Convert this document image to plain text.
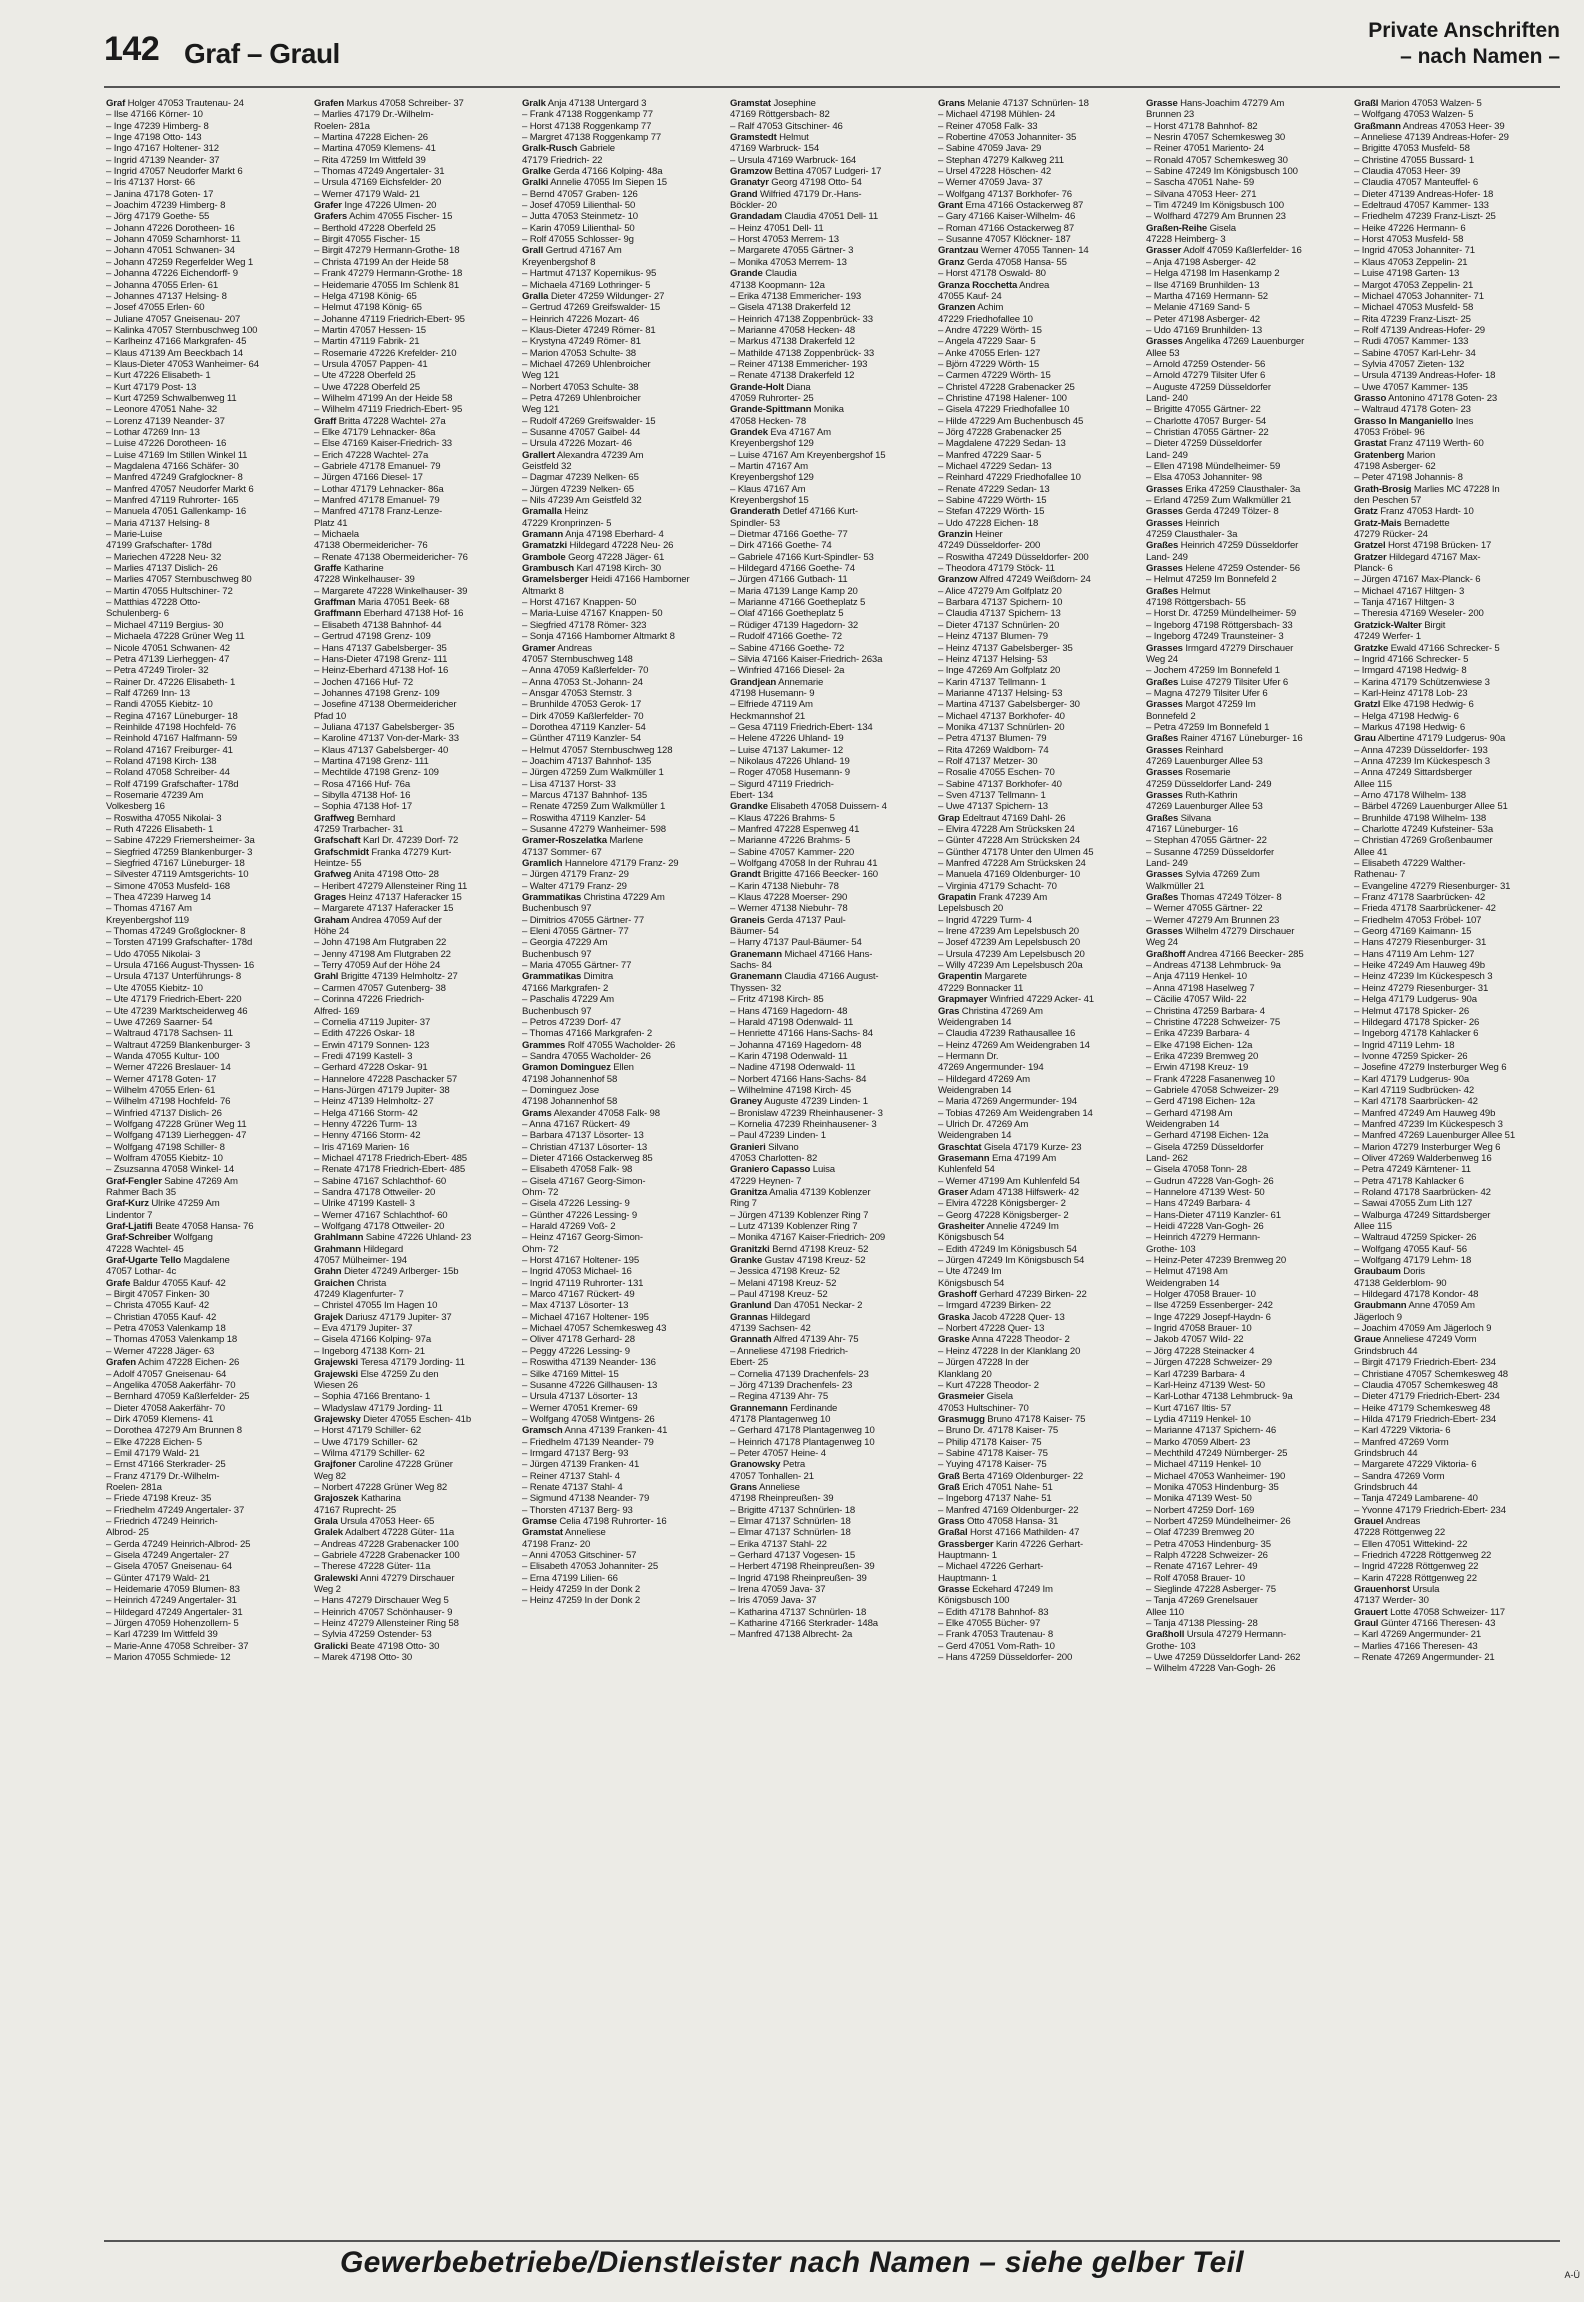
142 Graf – Graul
Private Anschriften
– nach Namen –
Graf Holger 47053 Trautenau- 24
– Ilse 47166 Körner- 10
– Inge 47239 Himberg- 8
– Inge 47198 Otto- 143
– Ingo 47167 Holtener- 312
– Ingrid 47139 Neander- 37
– Ingrid 47057 Neudorfer Markt 6
– Iris 47137 Horst- 66
– Janina 47178 Goten- 17
– Joachim 47239 Himberg- 8
– Jörg 47179 Goethe- 55
– Johann 47226 Dorotheen- 16
– Johann 47059 Scharnhorst- 11
– Johann 47051 Schwanen- 34
– Johann 47259 Regerfelder Weg 1
– Johanna 47226 Eichendorff- 9
– Johanna 47055 Erlen- 61
– Johannes 47137 Helsing- 8
– Josef 47055 Erlen- 60
– Juliane 47057 Gneisenau- 207
– Kalinka 47057 Sternbuschweg 100
– Karlheinz 47166 Markgrafen- 45
– Klaus 47139 Am Beeckbach 14
– Klaus-Dieter 47053 Wanheimer- 64
– Kurt 47226 Elisabeth- 1
– Kurt 47179 Post- 13
– Kurt 47259 Schwalbenweg 11
– Leonore 47051 Nahe- 32
– Lorenz 47139 Neander- 37
– Lothar 47269 Inn- 13
– Luise 47226 Dorotheen- 16
– Luise 47169 Im Stillen Winkel 11
– Magdalena 47166 Schäfer- 30
– Manfred 47249 Grafglockner- 8
– Manfred 47057 Neudorfer Markt 6
– Manfred 47119 Ruhrorter- 165
– Manuela 47051 Gallenkamp- 16
– Maria 47137 Helsing- 8
– Marie-Luise
47199 Grafschafter- 178d
– Mariechen 47228 Neu- 32
– Marlies 47137 Dislich- 26
– Marlies 47057 Sternbuschweg 80
– Martin 47055 Hultschiner- 72
– Matthias 47228 Otto-
Schulenberg- 6
– Michael 47119 Bergius- 30
– Michaela 47228 Grüner Weg 11
– Nicole 47051 Schwanen- 42
– Petra 47139 Lierheggen- 47
– Petra 47249 Tiroler- 32
– Rainer Dr. 47226 Elisabeth- 1
– Ralf 47269 Inn- 13
– Randi 47055 Kiebitz- 10
– Regina 47167 Lüneburger- 18
– Reinhilde 47198 Hochfeld- 76
– Reinhold 47167 Halfmann- 59
– Roland 47167 Freiburger- 41
– Roland 47198 Kirch- 138
– Roland 47058 Schreiber- 44
– Rolf 47199 Grafschafter- 178d
– Rosemarie 47239 Am
Volkesberg 16
– Roswitha 47055 Nikolai- 3
– Ruth 47226 Elisabeth- 1
– Sabine 47229 Friemersheimer- 3a
– Siegfried 47259 Blankenburger- 3
– Siegfried 47167 Lüneburger- 18
– Silvester 47119 Amtsgerichts- 10
– Simone 47053 Musfeld- 168
– Thea 47239 Harweg 14
– Thomas 47167 Am
Kreyenbergshof 119
– Thomas 47249 Großglockner- 8
– Torsten 47199 Grafschafter- 178d
– Udo 47055 Nikolai- 3
– Ursula 47166 August-Thyssen- 16
– Ursula 47137 Unterführungs- 8
– Ute 47055 Kiebitz- 10
– Ute 47179 Friedrich-Ebert- 220
– Ute 47239 Marktscheiderweg 46
– Uwe 47269 Saarner- 54
– Waltraud 47178 Sachsen- 11
– Waltraut 47259 Blankenburger- 3
– Wanda 47055 Kultur- 100
– Werner 47226 Breslauer- 14
– Werner 47178 Goten- 17
– Wilhelm 47055 Erlen- 61
– Wilhelm 47198 Hochfeld- 76
– Winfried 47137 Dislich- 26
– Wolfgang 47228 Grüner Weg 11
– Wolfgang 47139 Lierheggen- 47
– Wolfgang 47198 Schiller- 8
– Wolfram 47055 Kiebitz- 10
– Zsuzsanna 47058 Winkel- 14
Graf-Fengler Sabine 47269 Am
Rahmer Bach 35
Graf-Kurz Ulrike 47259 Am
Lindentor 7
Graf-Ljatifi Beate 47058 Hansa- 76
Graf-Schreiber Wolfgang
47228 Wachtel- 45
Graf-Ugarte Tello Magdalene
47057 Lothar- 4c
Grafe Baldur 47055 Kauf- 42
– Birgit 47057 Finken- 30
– Christa 47055 Kauf- 42
– Christian 47055 Kauf- 42
– Petra 47053 Valenkamp 18
– Thomas 47053 Valenkamp 18
– Werner 47228 Jäger- 63
Grafen Achim 47228 Eichen- 26
– Adolf 47057 Gneisenau- 64
– Angelika 47058 Aakerfähr- 70
– Bernhard 47059 Kaßlerfelder- 25
– Dieter 47058 Aakerfähr- 70
– Dirk 47059 Klemens- 41
– Dorothea 47279 Am Brunnen 8
– Elke 47228 Eichen- 5
– Emil 47179 Wald- 21
– Ernst 47166 Sterkrader- 25
– Franz 47179 Dr.-Wilhelm-
Roelen- 281a
– Friede 47198 Kreuz- 35
– Friedhelm 47249 Angertaler- 37
– Friedrich 47249 Heinrich-
Albrod- 25
– Gerda 47249 Heinrich-Albrod- 25
– Gisela 47249 Angertaler- 27
– Gisela 47057 Gneisenau- 64
– Günter 47179 Wald- 21
– Heidemarie 47059 Blumen- 83
– Heinrich 47249 Angertaler- 31
– Hildegard 47249 Angertaler- 31
– Jürgen 47059 Hohenzollern- 5
– Karl 47239 Im Wittfeld 39
– Marie-Anne 47058 Schreiber- 37
– Marion 47055 Schmiede- 12
Grafen Markus 47058 Schreiber- 37
– Marlies 47179 Dr.-Wilhelm-
Roelen- 281a
– Martina 47228 Eichen- 26
– Martina 47059 Klemens- 41
– Rita 47259 Im Wittfeld 39
– Thomas 47249 Angertaler- 31
– Ursula 47169 Eichsfelder- 20
– Werner 47179 Wald- 21
Grafer Inge 47226 Ulmen- 20
Grafers Achim 47055 Fischer- 15
– Berthold 47228 Oberfeld 25
– Birgit 47055 Fischer- 15
– Birgit 47279 Hermann-Grothe- 18
– Christa 47199 An der Heide 58
– Frank 47279 Hermann-Grothe- 18
– Heidemarie 47055 Im Schlenk 81
– Helga 47198 König- 65
– Helmut 47198 König- 65
– Johanne 47119 Friedrich-Ebert- 95
– Martin 47057 Hessen- 15
– Martin 47119 Fabrik- 21
– Rosemarie 47226 Krefelder- 210
– Ursula 47057 Pappen- 41
– Ute 47228 Oberfeld 25
– Uwe 47228 Oberfeld 25
– Wilhelm 47199 An der Heide 58
– Wilhelm 47119 Friedrich-Ebert- 95
Graff Britta 47228 Wachtel- 27a
– Elke 47179 Lehnacker- 86a
– Else 47169 Kaiser-Friedrich- 33
– Erich 47228 Wachtel- 27a
– Gabriele 47178 Emanuel- 79
– Jürgen 47166 Diesel- 17
– Lothar 47179 Lehnacker- 86a
– Manfred 47178 Emanuel- 79
– Manfred 47178 Franz-Lenze-
Platz 41
– Michaela
47138 Obermeidericher- 76
– Renate 47138 Obermeidericher- 76
Graffe Katharine
47228 Winkelhauser- 39
– Margarete 47228 Winkelhauser- 39
Graffman Maria 47051 Beek- 68
Graffmann Eberhard 47138 Hof- 16
– Elisabeth 47138 Bahnhof- 44
– Gertrud 47198 Grenz- 109
– Hans 47137 Gabelsberger- 35
– Hans-Dieter 47198 Grenz- 111
– Heinz-Eberhard 47138 Hof- 16
– Jochen 47166 Huf- 72
– Johannes 47198 Grenz- 109
– Josefine 47138 Obermeidericher
Pfad 10
– Juliana 47137 Gabelsberger- 35
– Karoline 47137 Von-der-Mark- 33
– Klaus 47137 Gabelsberger- 40
– Martina 47198 Grenz- 111
– Mechtilde 47198 Grenz- 109
– Rosa 47166 Huf- 76a
– Sibylla 47138 Hof- 16
– Sophia 47138 Hof- 17
Graffweg Bernhard
47259 Trarbacher- 31
Grafschaft Karl Dr. 47239 Dorf- 72
Grafschmidt Franka 47279 Kurt-
Heintze- 55
Grafweg Anita 47198 Otto- 28
– Heribert 47279 Allensteiner Ring 11
Grages Heinz 47137 Haferacker 15
– Margarete 47137 Haferacker 15
Graham Andrea 47059 Auf der
Höhe 24
– John 47198 Am Flutgraben 22
– Jenny 47198 Am Flutgraben 22
– Terry 47059 Auf der Höhe 24
Grahl Brigitte 47139 Helmholtz- 27
– Carmen 47057 Gutenberg- 38
– Corinna 47226 Friedrich-
Alfred- 169
– Cornelia 47119 Jupiter- 37
– Edith 47226 Oskar- 18
– Erwin 47179 Sonnen- 123
– Fredi 47199 Kastell- 3
– Gerhard 47228 Oskar- 91
– Hannelore 47228 Paschacker 57
– Hans-Jürgen 47179 Jupiter- 38
– Heinz 47139 Helmholtz- 27
– Helga 47166 Storm- 42
– Henny 47226 Turm- 13
– Henny 47166 Storm- 42
– Iris 47169 Marien- 16
– Michael 47178 Friedrich-Ebert- 485
– Renate 47178 Friedrich-Ebert- 485
– Sabine 47167 Schlachthof- 60
– Sandra 47178 Ottweiler- 20
– Ulrike 47199 Kastell- 3
– Werner 47167 Schlachthof- 60
– Wolfgang 47178 Ottweiler- 20
Grahlmann Sabine 47226 Uhland- 23
Grahmann Hildegard
47057 Mülheimer- 194
Grahn Dieter 47249 Arlberger- 15b
Graichen Christa
47249 Klagenfurter- 7
– Christel 47055 Im Hagen 10
Grajek Dariusz 47179 Jupiter- 37
– Eva 47179 Jupiter- 37
– Gisela 47166 Kolping- 97a
– Ingeborg 47138 Korn- 21
Grajewski Teresa 47179 Jording- 11
Grajewski Else 47259 Zu den
Wiesen 26
– Sophia 47166 Brentano- 1
– Wladyslaw 47179 Jording- 11
Grajewsky Dieter 47055 Eschen- 41b
– Horst 47179 Schiller- 62
– Uwe 47179 Schiller- 62
– Wilma 47179 Schiller- 62
Grajfoner Caroline 47228 Grüner
Weg 82
– Norbert 47228 Grüner Weg 82
Grajoszek Katharina
47167 Ruprecht- 25
Grala Ursula 47053 Heer- 65
Gralek Adalbert 47228 Güter- 11a
– Andreas 47228 Grabenacker 100
– Gabriele 47228 Grabenacker 100
– Therese 47228 Güter- 11a
Gralewski Anni 47279 Dirschauer
Weg 2
– Hans 47279 Dirschauer Weg 5
– Heinrich 47057 Schönhauser- 9
– Heinz 47279 Allensteiner Ring 58
– Sylvia 47259 Ostender- 53
Gralicki Beate 47198 Otto- 30
– Marek 47198 Otto- 30
Gralk Anja 47138 Untergard 3
– Frank 47138 Roggenkamp 77
– Horst 47138 Roggenkamp 77
– Margret 47138 Roggenkamp 77
Gralk-Rusch Gabriele
47179 Friedrich- 22
Gralke Gerda 47166 Kolping- 48a
Gralki Annelie 47055 Im Siepen 15
– Bernd 47057 Graben- 126
– Josef 47059 Lilienthal- 50
– Jutta 47053 Steinmetz- 10
– Karin 47059 Lilienthal- 50
– Rolf 47055 Schlosser- 9g
Grall Gertrud 47167 Am
Kreyenbergshof 8
– Hartmut 47137 Kopernikus- 95
– Michaela 47169 Lothringer- 5
Gralla Dieter 47259 Wildunger- 27
– Gertrud 47269 Greifswalder- 15
– Heinrich 47226 Mozart- 46
– Klaus-Dieter 47249 Römer- 81
– Krystyna 47249 Römer- 81
– Marion 47053 Schulte- 38
– Michael 47269 Uhlenbroicher
Weg 121
– Norbert 47053 Schulte- 38
– Petra 47269 Uhlenbroicher
Weg 121
– Rudolf 47269 Greifswalder- 15
– Susanne 47057 Gaibel- 44
– Ursula 47226 Mozart- 46
Grallert Alexandra 47239 Am
Geistfeld 32
– Dagmar 47239 Nelken- 65
– Jürgen 47239 Nelken- 65
– Nils 47239 Am Geistfeld 32
Gramalla Heinz
47229 Kronprinzen- 5
Gramann Anja 47198 Eberhard- 4
Gramatzki Hildegard 47228 Neu- 26
Grambole Georg 47228 Jäger- 61
Grambusch Karl 47198 Kirch- 30
Gramelsberger Heidi 47166 Hamborner
Altmarkt 8
– Horst 47167 Knappen- 50
– Maria-Luise 47167 Knappen- 50
– Siegfried 47178 Römer- 323
– Sonja 47166 Hamborner Altmarkt 8
Gramer Andreas
47057 Sternbuschweg 148
– Anna 47059 Kaßlerfelder- 70
– Anna 47053 St.-Johann- 24
– Ansgar 47053 Sternstr. 3
– Brunhilde 47053 Gerok- 17
– Dirk 47059 Kaßlerfelder- 70
– Dorothea 47119 Kanzler- 54
– Günther 47119 Kanzler- 54
– Helmut 47057 Sternbuschweg 128
– Joachim 47137 Bahnhof- 135
– Jürgen 47259 Zum Walkmüller 1
– Lisa 47137 Horst- 33
– Marcus 47137 Bahnhof- 135
– Renate 47259 Zum Walkmüller 1
– Roswitha 47119 Kanzler- 54
– Susanne 47279 Wanheimer- 598
Gramer-Roszelatka Marlene
47137 Sommer- 67
Gramlich Hannelore 47179 Franz- 29
– Jürgen 47179 Franz- 29
– Walter 47179 Franz- 29
Grammatikas Christina 47229 Am
Buchenbusch 97
– Dimitrios 47055 Gärtner- 77
– Eleni 47055 Gärtner- 77
– Georgia 47229 Am
Buchenbusch 97
– Maria 47055 Gärtner- 77
Grammatikas Dimitra
47166 Markgrafen- 2
– Paschalis 47229 Am
Buchenbusch 97
– Petros 47239 Dorf- 47
– Thomas 47166 Markgrafen- 2
Grammes Rolf 47055 Wacholder- 26
– Sandra 47055 Wacholder- 26
Gramon Dominguez Ellen
47198 Johannenhof 58
– Dominguez Jose
47198 Johannenhof 58
Grams Alexander 47058 Falk- 98
– Anna 47167 Rückert- 49
– Barbara 47137 Lösorter- 13
– Christian 47137 Lösorter- 13
– Dieter 47166 Ostackerweg 85
– Elisabeth 47058 Falk- 98
– Gisela 47167 Georg-Simon-
Ohm- 72
– Gisela 47226 Lessing- 9
– Günther 47226 Lessing- 9
– Harald 47269 Voß- 2
– Heinz 47167 Georg-Simon-
Ohm- 72
– Horst 47167 Holtener- 195
– Ingrid 47053 Michael- 16
– Ingrid 47119 Ruhrorter- 131
– Marco 47167 Rückert- 49
– Max 47137 Lösorter- 13
– Michael 47167 Holtener- 195
– Michael 47057 Schemkesweg 43
– Oliver 47178 Gerhard- 28
– Peggy 47226 Lessing- 9
– Roswitha 47139 Neander- 136
– Silke 47169 Mittel- 15
– Susanne 47226 Gillhausen- 13
– Ursula 47137 Lösorter- 13
– Werner 47051 Kremer- 69
– Wolfgang 47058 Wintgens- 26
Gramsch Anna 47139 Franken- 41
– Friedhelm 47139 Neander- 79
– Irmgard 47137 Berg- 93
– Jürgen 47139 Franken- 41
– Reiner 47137 Stahl- 4
– Renate 47137 Stahl- 4
– Sigmund 47138 Neander- 79
– Thorsten 47137 Berg- 93
Gramse Celia 47198 Ruhrorter- 16
Gramstat Anneliese
47198 Franz- 20
– Anni 47053 Gitschiner- 57
– Elisabeth 47053 Johanniter- 25
– Erna 47199 Lilien- 66
– Heidy 47259 In der Donk 2
– Heinz 47259 In der Donk 2
Gramstat Josephine
47169 Röttgersbach- 82
– Ralf 47053 Gitschiner- 46
Gramstedt Helmut
47169 Warbruck- 154
– Ursula 47169 Warbruck- 164
Gramzow Bettina 47057 Ludgeri- 17
Granatyr Georg 47198 Otto- 54
Grand Wilfried 47179 Dr.-Hans-
Böckler- 20
Grandadam Claudia 47051 Dell- 11
– Heinz 47051 Dell- 11
– Horst 47053 Merrem- 13
– Margarete 47055 Gärtner- 3
– Monika 47053 Merrem- 13
Grande Claudia
47138 Koopmann- 12a
– Erika 47138 Emmericher- 193
– Gisela 47138 Drakerfeld 12
– Heinrich 47138 Zoppenbrück- 33
– Marianne 47058 Hecken- 48
– Markus 47138 Drakerfeld 12
– Mathilde 47138 Zoppenbrück- 33
– Reiner 47138 Emmericher- 193
– Renate 47138 Drakerfeld 12
Grande-Holt Diana
47059 Ruhrorter- 25
Grande-Spittmann Monika
47058 Hecken- 78
Grandek Eva 47167 Am
Kreyenbergshof 129
– Luise 47167 Am Kreyenbergshof 15
– Martin 47167 Am
Kreyenbergshof 129
– Klaus 47167 Am
Kreyenbergshof 15
Granderath Detlef 47166 Kurt-
Spindler- 53
– Dietmar 47166 Goethe- 77
– Dirk 47166 Goethe- 74
– Gabriele 47166 Kurt-Spindler- 53
– Hildegard 47166 Goethe- 74
– Jürgen 47166 Gutbach- 11
– Maria 47139 Lange Kamp 20
– Marianne 47166 Goetheplatz 5
– Olaf 47166 Goetheplatz 5
– Rüdiger 47139 Hagedorn- 32
– Rudolf 47166 Goethe- 72
– Sabine 47166 Goethe- 72
– Silvia 47166 Kaiser-Friedrich- 263a
– Winfried 47166 Diesel- 2a
Grandjean Annemarie
47198 Husemann- 9
– Elfriede 47119 Am
Heckmannshof 21
– Gesa 47119 Friedrich-Ebert- 134
– Helene 47226 Uhland- 19
– Luise 47137 Lakumer- 12
– Nikolaus 47226 Uhland- 19
– Roger 47058 Husemann- 9
– Sigurd 47119 Friedrich-
Ebert- 134
Grandke Elisabeth 47058 Duissern- 4
– Klaus 47226 Brahms- 5
– Manfred 47228 Espenweg 41
– Marianne 47226 Brahms- 5
– Sabine 47057 Kammer- 220
– Wolfgang 47058 In der Ruhrau 41
Grandt Brigitte 47166 Beecker- 160
– Karin 47138 Niebuhr- 78
– Klaus 47228 Moerser- 290
– Werner 47138 Niebuhr- 78
Graneis Gerda 47137 Paul-
Bäumer- 54
– Harry 47137 Paul-Bäumer- 54
Granemann Michael 47166 Hans-
Sachs- 84
Granemann Claudia 47166 August-
Thyssen- 32
– Fritz 47198 Kirch- 85
– Hans 47169 Hagedorn- 48
– Harald 47198 Odenwald- 11
– Henriette 47166 Hans-Sachs- 84
– Johanna 47169 Hagedorn- 48
– Karin 47198 Odenwald- 11
– Nadine 47198 Odenwald- 11
– Norbert 47166 Hans-Sachs- 84
– Wilhelmine 47198 Kirch- 45
Graney Auguste 47239 Linden- 1
– Bronislaw 47239 Rheinhausener- 3
– Kornelia 47239 Rheinhausener- 3
– Paul 47239 Linden- 1
Granieri Silvano
47053 Charlotten- 82
Graniero Capasso Luisa
47229 Heynen- 7
Granitza Amalia 47139 Koblenzer
Ring 7
– Jürgen 47139 Koblenzer Ring 7
– Lutz 47139 Koblenzer Ring 7
– Monika 47167 Kaiser-Friedrich- 209
Granitzki Bernd 47198 Kreuz- 52
Granke Gustav 47198 Kreuz- 52
– Jessica 47198 Kreuz- 52
– Melani 47198 Kreuz- 52
– Paul 47198 Kreuz- 52
Granlund Dan 47051 Neckar- 2
Grannas Hildegard
47139 Sachsen- 42
Grannath Alfred 47139 Ahr- 75
– Anneliese 47198 Friedrich-
Ebert- 25
– Cornelia 47139 Drachenfels- 23
– Jörg 47139 Drachenfels- 23
– Regina 47139 Ahr- 75
Grannemann Ferdinande
47178 Plantagenweg 10
– Gerhard 47178 Plantagenweg 10
– Heinrich 47178 Plantagenweg 10
– Peter 47057 Heine- 4
Granowsky Petra
47057 Tonhallen- 21
Grans Anneliese
47198 Rheinpreußen- 39
– Brigitte 47137 Schnürlen- 18
– Elmar 47137 Schnürlen- 18
– Elmar 47137 Schnürlen- 18
– Erika 47137 Stahl- 22
– Gerhard 47137 Vogesen- 15
– Herbert 47198 Rheinpreußen- 39
– Ingrid 47198 Rheinpreußen- 39
– Irena 47059 Java- 37
– Iris 47059 Java- 37
– Katharina 47137 Schnürlen- 18
– Katharine 47166 Sterkrader- 148a
– Manfred 47138 Albrecht- 2a
Grans Melanie 47137 Schnürlen- 18
– Michael 47198 Mühlen- 24
– Reiner 47058 Falk- 33
– Robertine 47053 Johanniter- 35
– Sabine 47059 Java- 29
– Stephan 47279 Kalkweg 211
– Ursel 47228 Höschen- 42
– Werner 47059 Java- 37
– Wolfgang 47137 Borkhofer- 76
Grant Erna 47166 Ostackerweg 87
– Gary 47166 Kaiser-Wilhelm- 46
– Roman 47166 Ostackerweg 87
– Susanne 47057 Klöckner- 187
Grantzau Werner 47055 Tannen- 14
Granz Gerda 47058 Hansa- 55
– Horst 47178 Oswald- 80
Granza Rocchetta Andrea
47055 Kauf- 24
Granzen Achim
47229 Friedhofallee 10
– Andre 47229 Wörth- 15
– Angela 47229 Saar- 5
– Anke 47055 Erlen- 127
– Björn 47229 Wörth- 15
– Carmen 47229 Wörth- 15
– Christel 47228 Grabenacker 25
– Christine 47198 Halener- 100
– Gisela 47229 Friedhofallee 10
– Hilde 47229 Am Buchenbusch 45
– Jörg 47228 Grabenacker 25
– Magdalene 47229 Sedan- 13
– Manfred 47229 Saar- 5
– Michael 47229 Sedan- 13
– Reinhard 47229 Friedhofallee 10
– Renate 47229 Sedan- 13
– Sabine 47229 Wörth- 15
– Stefan 47229 Wörth- 15
– Udo 47228 Eichen- 18
Granzin Heiner
47249 Düsseldorfer- 200
– Roswitha 47249 Düsseldorfer- 200
– Theodora 47179 Stöck- 11
Granzow Alfred 47249 Weißdorn- 24
– Alice 47279 Am Golfplatz 20
– Barbara 47137 Spichern- 10
– Claudia 47137 Spichern- 13
– Dieter 47137 Schnürlen- 20
– Heinz 47137 Blumen- 79
– Heinz 47137 Gabelsberger- 35
– Heinz 47137 Helsing- 53
– Inge 47269 Am Golfplatz 20
– Karin 47137 Tellmann- 1
– Marianne 47137 Helsing- 53
– Martina 47137 Gabelsberger- 30
– Michael 47137 Borkhofer- 40
– Monika 47137 Schnürlen- 20
– Petra 47137 Blumen- 79
– Rita 47269 Waldborn- 74
– Rolf 47137 Metzer- 30
– Rosalie 47055 Eschen- 70
– Sabine 47137 Borkhofer- 40
– Sven 47137 Tellmann- 1
– Uwe 47137 Spichern- 13
Grap Edeltraut 47169 Dahl- 26
– Elvira 47228 Am Strücksken 24
– Günter 47228 Am Strücksken 24
– Günther 47178 Unter den Ulmen 45
– Manfred 47228 Am Strücksken 24
– Manuela 47169 Oldenburger- 10
– Virginia 47179 Schacht- 70
Grapatin Frank 47239 Am
Lepelsbusch 20
– Ingrid 47229 Turm- 4
– Irene 47239 Am Lepelsbusch 20
– Josef 47239 Am Lepelsbusch 20
– Ursula 47239 Am Lepelsbusch 20
– Willy 47239 Am Lepelsbusch 20a
Grapentin Margarete
47229 Bonnacker 11
Grapmayer Winfried 47229 Acker- 41
Gras Christina 47269 Am
Weidengraben 14
– Claudia 47239 Rathausallee 16
– Heinz 47269 Am Weidengraben 14
– Hermann Dr.
47269 Angermunder- 194
– Hildegard 47269 Am
Weidengraben 14
– Maria 47269 Angermunder- 194
– Tobias 47269 Am Weidengraben 14
– Ulrich Dr. 47269 Am
Weidengraben 14
Graschtat Gisela 47179 Kurze- 23
Grasemann Erna 47199 Am
Kuhlenfeld 54
– Werner 47199 Am Kuhlenfeld 54
Graser Adam 47138 Hilfswerk- 42
– Elvira 47228 Königsberger- 2
– Georg 47228 Königsberger- 2
Grasheiter Annelie 47249 Im
Königsbusch 54
– Edith 47249 Im Königsbusch 54
– Jürgen 47249 Im Königsbusch 54
– Ute 47249 Im
Königsbusch 54
Grashoff Gerhard 47239 Birken- 22
– Irmgard 47239 Birken- 22
Graska Jacob 47228 Quer- 13
– Norbert 47228 Quer- 13
Graske Anna 47228 Theodor- 2
– Heinz 47228 In der Klanklang 20
– Jürgen 47228 In der
Klanklang 20
– Kurt 47228 Theodor- 2
Grasmeier Gisela
47053 Hultschiner- 70
Grasmugg Bruno 47178 Kaiser- 75
– Bruno Dr. 47178 Kaiser- 75
– Philip 47178 Kaiser- 75
– Sabine 47178 Kaiser- 75
– Yuying 47178 Kaiser- 75
Graß Berta 47169 Oldenburger- 22
Graß Erich 47051 Nahe- 51
– Ingeborg 47137 Nahe- 51
– Manfred 47169 Oldenburger- 22
Grass Otto 47058 Hansa- 31
Graßal Horst 47166 Mathilden- 47
Grassberger Karin 47226 Gerhart-
Hauptmann- 1
– Michael 47226 Gerhart-
Hauptmann- 1
Grasse Eckehard 47249 Im
Königsbusch 100
– Edith 47178 Bahnhof- 83
– Elke 47055 Bücher- 97
– Frank 47053 Trautenau- 8
– Gerd 47051 Vom-Rath- 10
– Hans 47259 Düsseldorfer- 200
Grasse Hans-Joachim 47279 Am
Brunnen 23
– Horst 47178 Bahnhof- 82
– Nesrin 47057 Schemkesweg 30
– Reiner 47051 Mariento- 24
– Ronald 47057 Schemkesweg 30
– Sabine 47249 Im Königsbusch 100
– Sascha 47051 Nahe- 59
– Silvana 47053 Heer- 271
– Tim 47249 Im Königsbusch 100
– Wolfhard 47279 Am Brunnen 23
Graßen-Reihe Gisela
47228 Heimberg- 3
Grasser Adolf 47059 Kaßlerfelder- 16
– Anja 47198 Asberger- 42
– Helga 47198 Im Hasenkamp 2
– Ilse 47169 Brunhilden- 13
– Martha 47169 Hermann- 52
– Melanie 47169 Sand- 5
– Peter 47198 Asberger- 42
– Udo 47169 Brunhilden- 13
Grasses Angelika 47269 Lauenburger
Allee 53
– Arnold 47259 Ostender- 56
– Arnold 47279 Tilsiter Ufer 6
– Auguste 47259 Düsseldorfer
Land- 240
– Brigitte 47055 Gärtner- 22
– Charlotte 47057 Burger- 54
– Christian 47055 Gärtner- 22
– Dieter 47259 Düsseldorfer
Land- 249
– Ellen 47198 Mündelheimer- 59
– Elsa 47053 Johanniter- 98
Grasses Erika 47259 Clausthaler- 3a
– Erland 47259 Zum Walkmüller 21
Grasses Gerda 47249 Tölzer- 8
Grasses Heinrich
47259 Clausthaler- 3a
Graßes Heinrich 47259 Düsseldorfer
Land- 249
Grasses Helene 47259 Ostender- 56
– Helmut 47259 Im Bonnefeld 2
Graßes Helmut
47198 Röttgersbach- 55
– Horst Dr. 47259 Mündelheimer- 59
– Ingeborg 47198 Röttgersbach- 33
– Ingeborg 47249 Traunsteiner- 3
Grasses Irmgard 47279 Dirschauer
Weg 24
– Jochem 47259 Im Bonnefeld 1
Graßes Luise 47279 Tilsiter Ufer 6
– Magna 47279 Tilsiter Ufer 6
Grasses Margot 47259 Im
Bonnefeld 2
– Petra 47259 Im Bonnefeld 1
Graßes Rainer 47167 Lüneburger- 16
Grasses Reinhard
47269 Lauenburger Allee 53
Grasses Rosemarie
47259 Düsseldorfer Land- 249
Grasses Ruth-Kathrin
47269 Lauenburger Allee 53
Graßes Silvana
47167 Lüneburger- 16
– Stephan 47055 Gärtner- 22
– Susanne 47259 Düsseldorfer
Land- 249
Grasses Sylvia 47269 Zum
Walkmüller 21
Graßes Thomas 47249 Tölzer- 8
– Werner 47055 Gärtner- 22
– Werner 47279 Am Brunnen 23
Grasses Wilhelm 47279 Dirschauer
Weg 24
Graßhoff Andrea 47166 Beecker- 285
– Andreas 47138 Lehmbruck- 9a
– Anja 47119 Henkel- 10
– Anna 47198 Haselweg 7
– Cäcilie 47057 Wild- 22
– Christina 47259 Barbara- 4
– Christine 47228 Schweizer- 75
– Erika 47239 Barbara- 4
– Elke 47198 Eichen- 12a
– Erika 47239 Bremweg 20
– Erwin 47198 Kreuz- 19
– Frank 47228 Fasanenweg 10
– Gabriele 47058 Schweizer- 29
– Gerd 47198 Eichen- 12a
– Gerhard 47198 Am
Weidengraben 14
– Gerhard 47198 Eichen- 12a
– Gisela 47259 Düsseldorfer
Land- 262
– Gisela 47058 Tonn- 28
– Gudrun 47228 Van-Gogh- 26
– Hannelore 47139 West- 50
– Hans 47249 Barbara- 4
– Hans-Dieter 47119 Kanzler- 61
– Heidi 47228 Van-Gogh- 26
– Heinrich 47279 Hermann-
Grothe- 103
– Heinz-Peter 47239 Bremweg 20
– Helmut 47198 Am
Weidengraben 14
– Holger 47058 Brauer- 10
– Ilse 47259 Essenberger- 242
– Inge 47229 Josepf-Haydn- 6
– Ingrid 47058 Brauer- 10
– Jakob 47057 Wild- 22
– Jörg 47228 Steinacker 4
– Jürgen 47228 Schweizer- 29
– Karl 47239 Barbara- 4
– Karl-Heinz 47139 West- 50
– Karl-Lothar 47138 Lehmbruck- 9a
– Kurt 47167 Iltis- 57
– Lydia 47119 Henkel- 10
– Marianne 47137 Spichern- 46
– Marko 47059 Albert- 23
– Mechthild 47249 Nürnberger- 25
– Michael 47119 Henkel- 10
– Michael 47053 Wanheimer- 190
– Monika 47053 Hindenburg- 35
– Monika 47139 West- 50
– Norbert 47259 Dorf- 169
– Norbert 47259 Mündelheimer- 26
– Olaf 47239 Bremweg 20
– Petra 47053 Hindenburg- 35
– Ralph 47228 Schweizer- 26
– Renate 47167 Lehrer- 49
– Rolf 47058 Brauer- 10
– Sieglinde 47228 Asberger- 75
– Tanja 47269 Grenelsauer
Allee 110
– Tanja 47138 Plessing- 28
Graßholl Ursula 47279 Hermann-
Grothe- 103
– Uwe 47259 Düsseldorfer Land- 262
– Wilhelm 47228 Van-Gogh- 26
Graßl Marion 47053 Walzen- 5
– Wolfgang 47053 Walzen- 5
Graßmann Andreas 47053 Heer- 39
– Anneliese 47139 Andreas-Hofer- 29
– Brigitte 47053 Musfeld- 58
– Christine 47055 Bussard- 1
– Claudia 47053 Heer- 39
– Claudia 47057 Manteuffel- 6
– Dieter 47139 Andreas-Hofer- 18
– Edeltraud 47057 Kammer- 133
– Friedhelm 47239 Franz-Liszt- 25
– Heike 47226 Hermann- 6
– Horst 47053 Musfeld- 58
– Ingrid 47053 Johanniter- 71
– Klaus 47053 Zeppelin- 21
– Luise 47198 Garten- 13
– Margot 47053 Zeppelin- 21
– Michael 47053 Johanniter- 71
– Michael 47053 Musfeld- 58
– Rita 47239 Franz-Liszt- 25
– Rolf 47139 Andreas-Hofer- 29
– Rudi 47057 Kammer- 133
– Sabine 47057 Karl-Lehr- 34
– Sylvia 47057 Zieten- 132
– Ursula 47139 Andreas-Hofer- 18
– Uwe 47057 Kammer- 135
Grasso Antonino 47178 Goten- 23
– Waltraud 47178 Goten- 23
Grasso In Manganiello Ines
47053 Fröbel- 96
Grastat Franz 47119 Werth- 60
Gratenberg Marion
47198 Asberger- 62
– Peter 47198 Johannis- 8
Grath-Brosig Marlies MC 47228 In
den Peschen 57
Gratz Franz 47053 Hardt- 10
Gratz-Mais Bernadette
47279 Rücker- 24
Gratzel Horst 47198 Brücken- 17
Gratzer Hildegard 47167 Max-
Planck- 6
– Jürgen 47167 Max-Planck- 6
– Michael 47167 Hiltgen- 3
– Tanja 47167 Hiltgen- 3
– Theresia 47169 Weseler- 200
Gratzick-Walter Birgit
47249 Werfer- 1
Gratzke Ewald 47166 Schrecker- 5
– Ingrid 47166 Schrecker- 5
– Irmgard 47198 Hedwig- 8
– Karina 47179 Schützenwiese 3
– Karl-Heinz 47178 Lob- 23
Gratzl Elke 47198 Hedwig- 6
– Helga 47198 Hedwig- 6
– Markus 47198 Hedwig- 6
Grau Albertine 47179 Ludgerus- 90a
– Anna 47239 Düsseldorfer- 193
– Anna 47239 Im Kückespesch 3
– Anna 47249 Sittardsberger
Allee 115
– Arno 47178 Wilhelm- 138
– Bärbel 47269 Lauenburger Allee 51
– Brunhilde 47198 Wilhelm- 138
– Charlotte 47249 Kufsteiner- 53a
– Christian 47269 Großenbaumer
Allee 41
– Elisabeth 47229 Walther-
Rathenau- 7
– Evangeline 47279 Riesenburger- 31
– Franz 47178 Saarbrücken- 42
– Frieda 47178 Saarbrückener- 42
– Friedhelm 47053 Fröbel- 107
– Georg 47169 Kaimann- 15
– Hans 47279 Riesenburger- 31
– Hans 47119 Am Lehm- 127
– Heike 47249 Am Hauweg 49b
– Heinz 47239 Im Kückespesch 3
– Heinz 47279 Riesenburger- 31
– Helga 47179 Ludgerus- 90a
– Helmut 47178 Spicker- 26
– Hildegard 47178 Spicker- 26
– Ingeborg 47178 Kahlacker 6
– Ingrid 47119 Lehm- 18
– Ivonne 47259 Spicker- 26
– Josefine 47279 Insterburger Weg 6
– Karl 47179 Ludgerus- 90a
– Karl 47119 Sudbrücken- 42
– Karl 47178 Saarbrücken- 42
– Manfred 47249 Am Hauweg 49b
– Manfred 47239 Im Kückespesch 3
– Manfred 47269 Lauenburger Allee 51
– Marion 47279 Insterburger Weg 6
– Oliver 47269 Walderbenweg 16
– Petra 47249 Kärntener- 11
– Petra 47178 Kahlacker 6
– Roland 47178 Saarbrücken- 42
– Sawai 47055 Zum Lith 127
– Walburga 47249 Sittardsberger
Allee 115
– Waltraud 47259 Spicker- 26
– Wolfgang 47055 Kauf- 56
– Wolfgang 47179 Lehm- 18
Graubaum Doris
47138 Gelderblom- 90
– Hildegard 47178 Kondor- 48
Graubmann Anne 47059 Am
Jägerloch 9
– Joachim 47059 Am Jägerloch 9
Graue Anneliese 47249 Vorm
Grindsbruch 44
– Birgit 47179 Friedrich-Ebert- 234
– Christiane 47057 Schemkesweg 48
– Claudia 47057 Schemkesweg 48
– Dieter 47179 Friedrich-Ebert- 234
– Heike 47179 Schemkesweg 48
– Hilda 47179 Friedrich-Ebert- 234
– Karl 47229 Viktoria- 6
– Manfred 47269 Vorm
Grindsbruch 44
– Margarete 47229 Viktoria- 6
– Sandra 47269 Vorm
Grindsbruch 44
– Tanja 47249 Lambarene- 40
– Yvonne 47179 Friedrich-Ebert- 234
Grauel Andreas
47228 Röttgenweg 22
– Ellen 47051 Wittekind- 22
– Friedrich 47228 Röttgenweg 22
– Ingrid 47228 Röttgenweg 22
– Karin 47228 Röttgenweg 22
Grauenhorst Ursula
47137 Werder- 30
Grauert Lotte 47058 Schweizer- 117
Graul Günter 47166 Theresen- 43
– Karl 47269 Angermunder- 21
– Marlies 47166 Theresen- 43
– Renate 47269 Angermunder- 21
Gewerbebetriebe/Dienstleister nach Namen – siehe gelber Teil	A-Ü
